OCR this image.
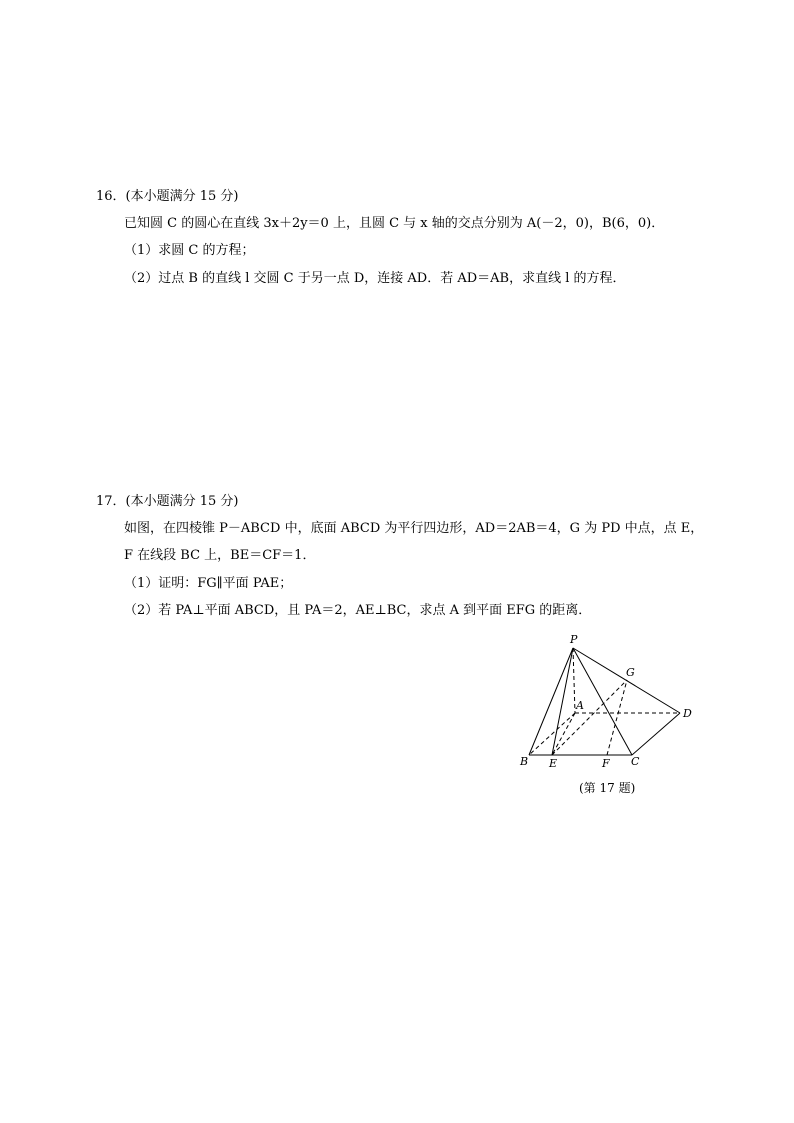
16．(本小题满分 15 分)
已知圆 C 的圆心在直线 3x＋2y＝0 上，且圆 C 与 x 轴的交点分别为 A(－2，0)，B(6，0)．
（1）求圆 C 的方程；
（2）过点 B 的直线 l 交圆 C 于另一点 D，连接 AD．若 AD＝AB，求直线 l 的方程．
17．(本小题满分 15 分)
如图，在四棱锥 P－ABCD 中，底面 ABCD 为平行四边形，AD＝2AB＝4，G 为 PD 中点，点 E，
F 在线段 BC 上，BE＝CF＝1．
（1）证明：FG∥平面 PAE；
（2）若 PA⊥平面 ABCD，且 PA＝2，AE⊥BC，求点 A 到平面 EFG 的距离．
P
G
A
D
B E	F C
(第 17 题)
